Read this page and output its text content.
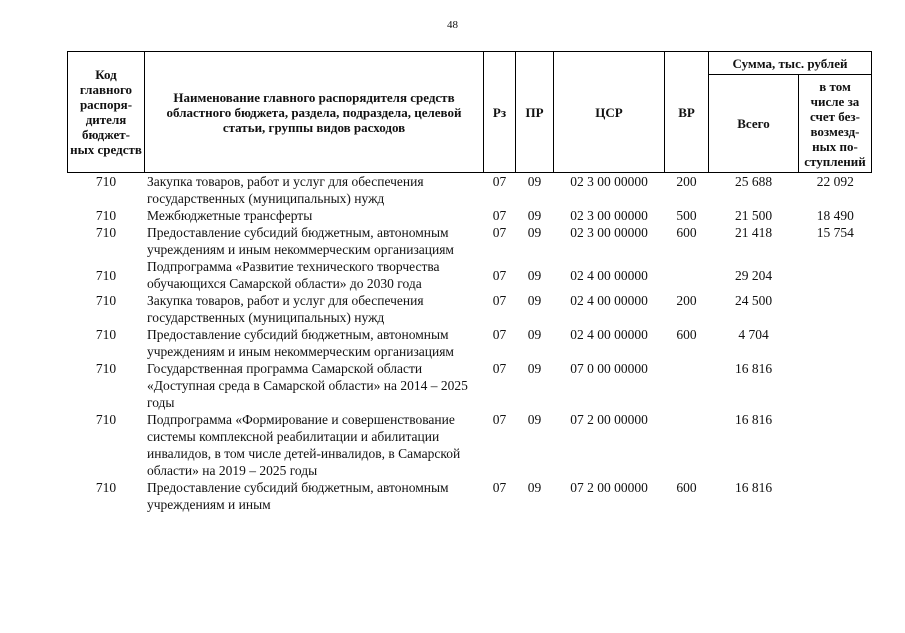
48
Код главного распоря-дителя бюджет-ных средств	Наименование главного распорядителя средств областного бюджета, раздела, подраздела, целевой статьи, группы видов расходов	Рз	ПР	ЦСР	ВР	Сумма, тыс. рублей	
						Всего	в том числе за счет без-возмезд-ных по-ступлений
710	Закупка товаров, работ и услуг для обеспечения государственных (муниципальных) нужд	07	09	02 3 00 00000	200	25 688	22 092
710	Межбюджетные трансферты	07	09	02 3 00 00000	500	21 500	18 490
710	Предоставление субсидий бюджетным, автономным учреждениям и иным некоммерческим организациям	07	09	02 3 00 00000	600	21 418	15 754
710	Подпрограмма «Развитие технического творчества обучающихся Самарской области» до 2030 года	07	09	02 4 00 00000		29 204	
710	Закупка товаров, работ и услуг для обеспечения государственных (муниципальных) нужд	07	09	02 4 00 00000	200	24 500	
710	Предоставление субсидий бюджетным, автономным учреждениям и иным некоммерческим организациям	07	09	02 4 00 00000	600	4 704	
710	Государственная программа Самарской области «Доступная среда в Самарской области» на 2014 – 2025 годы	07	09	07 0 00 00000		16 816	
710	Подпрограмма «Формирование и совершенствование системы комплексной реабилитации и абилитации инвалидов, в том числе детей-инвалидов, в Самарской области» на 2019 – 2025 годы	07	09	07 2 00 00000		16 816	
710	Предоставление субсидий бюджетным, автономным учреждениям и иным	07	09	07 2 00 00000	600	16 816	
